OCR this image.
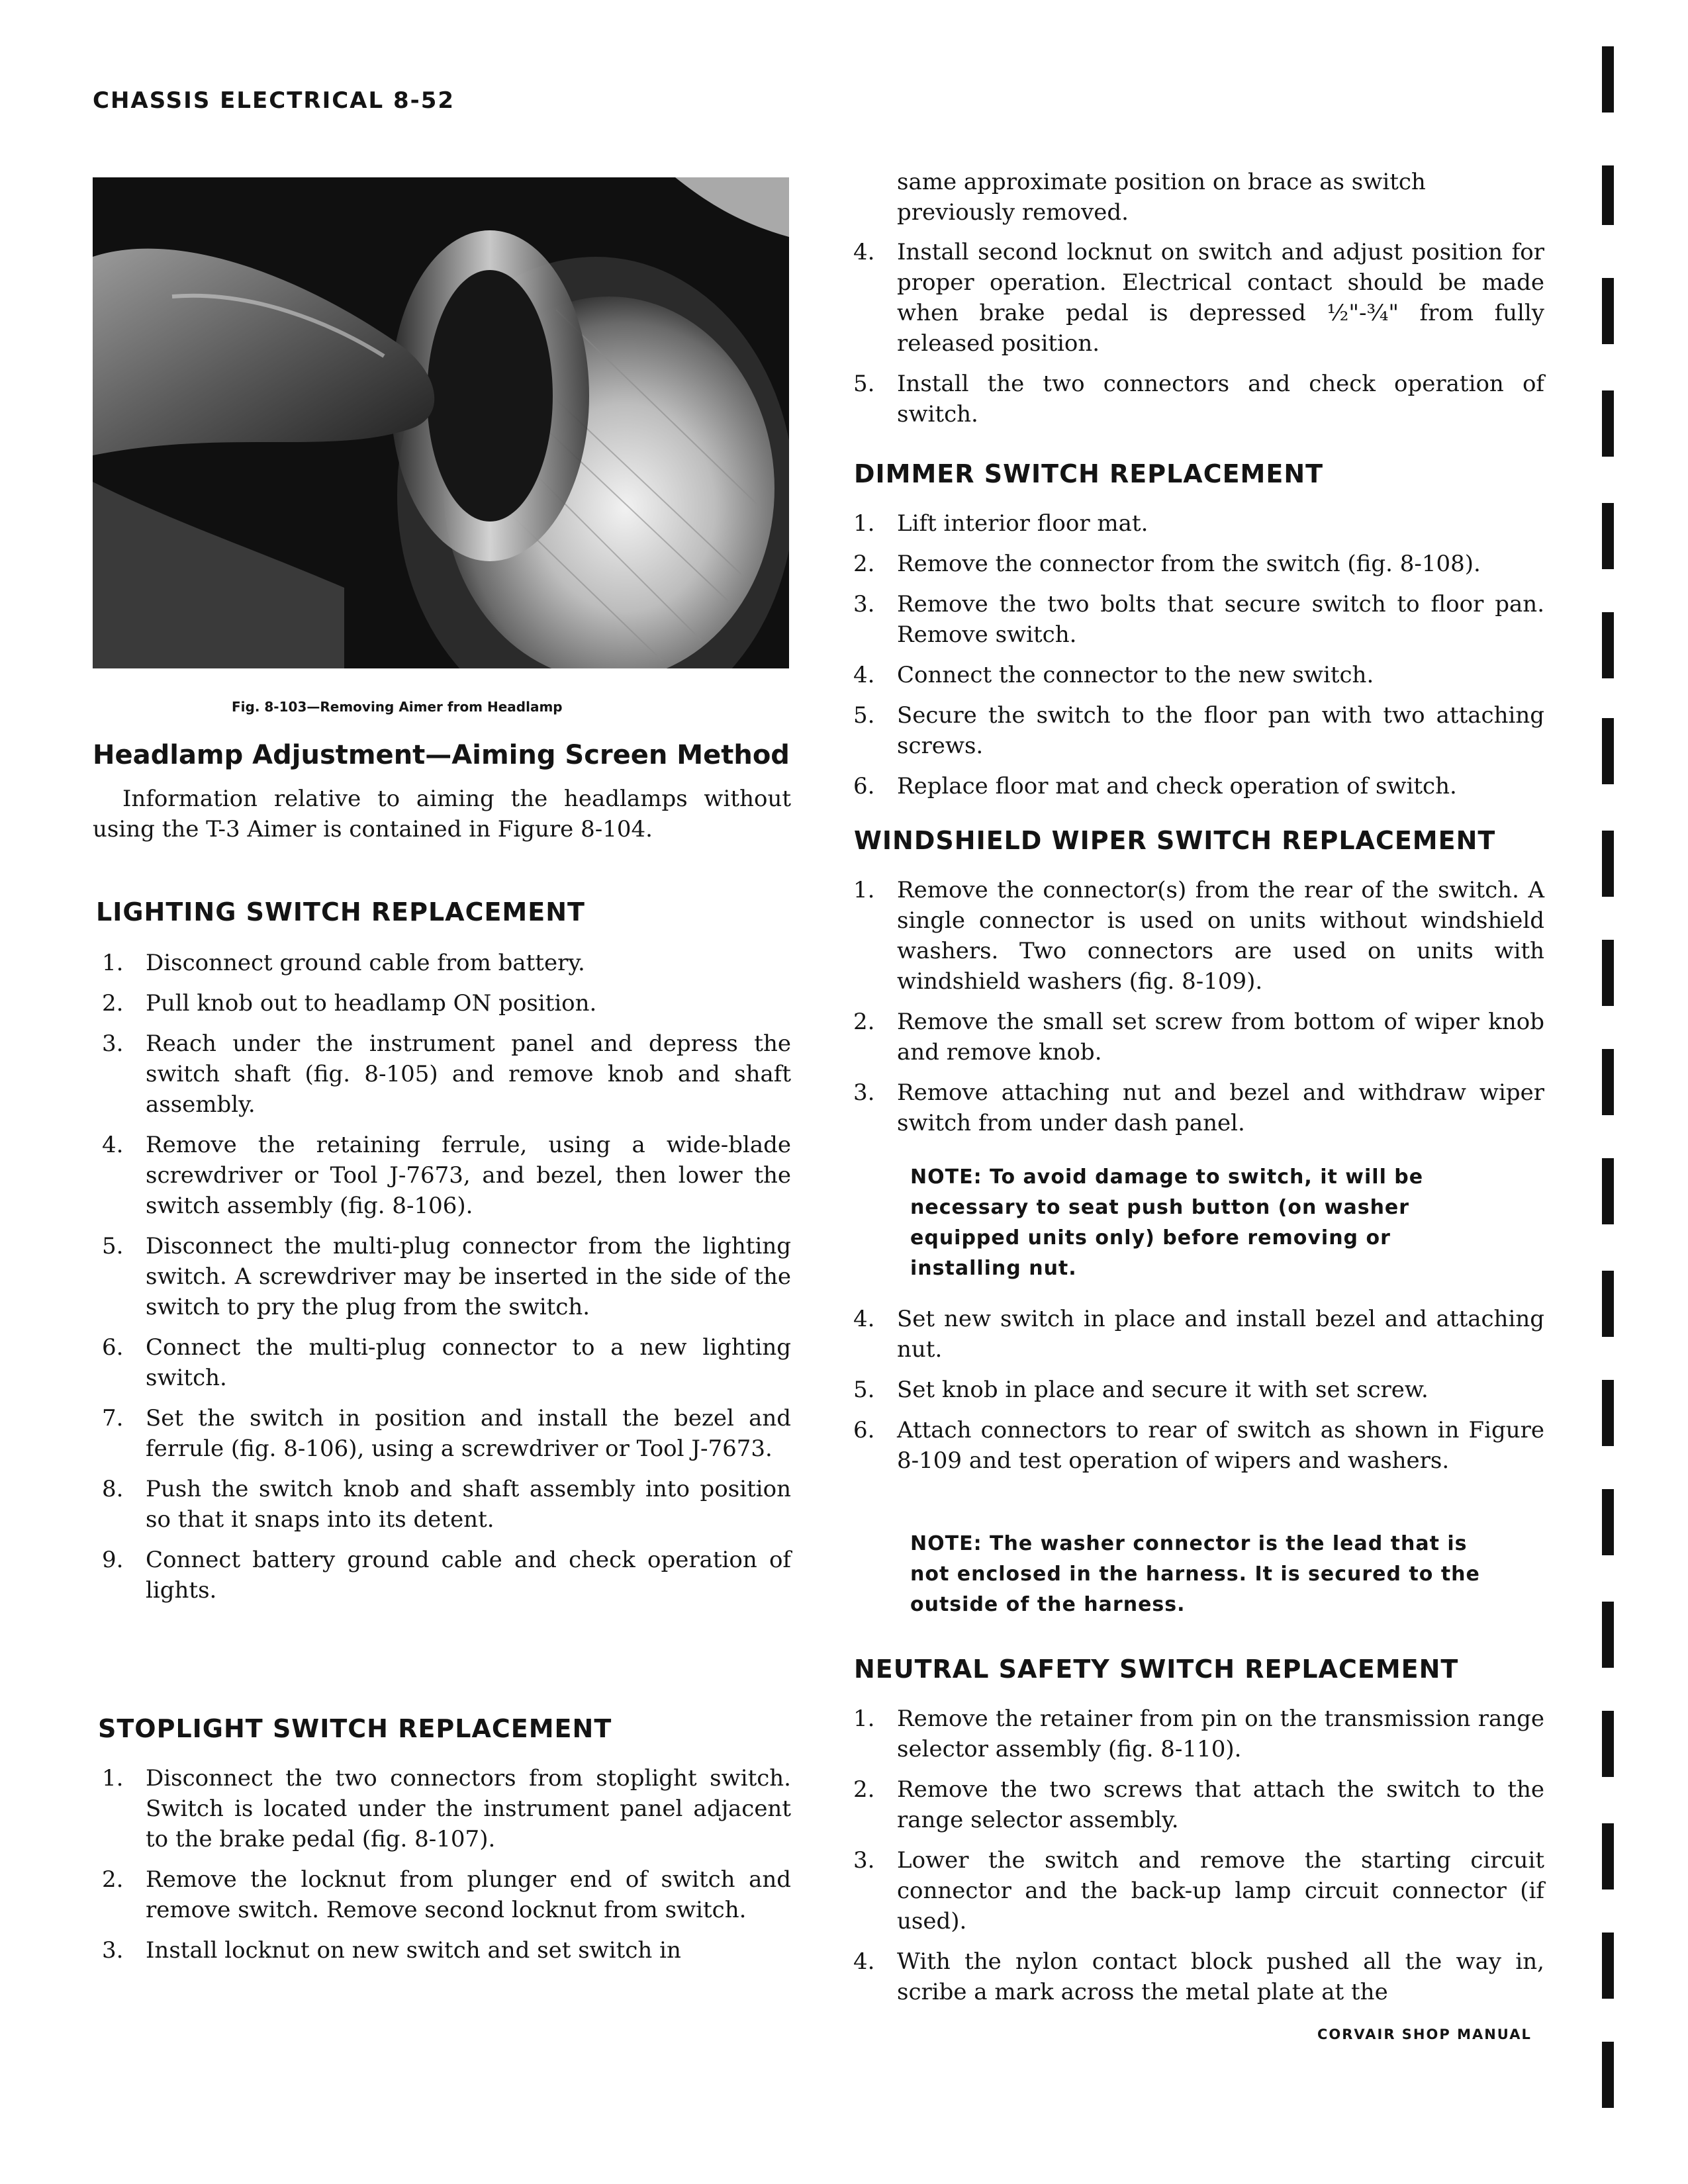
CHASSIS ELECTRICAL 8-52
Fig. 8-103—Removing Aimer from Headlamp
Headlamp Adjustment—Aiming Screen Method
Information relative to aiming the headlamps without using the T-3 Aimer is contained in Figure 8-104.
LIGHTING SWITCH REPLACEMENT
1. Disconnect ground cable from battery.
2. Pull knob out to headlamp ON position.
3. Reach under the instrument panel and depress the switch shaft (fig. 8-105) and remove knob and shaft assembly.
4. Remove the retaining ferrule, using a wide-blade screwdriver or Tool J-7673, and bezel, then lower the switch assembly (fig. 8-106).
5. Disconnect the multi-plug connector from the lighting switch. A screwdriver may be inserted in the side of the switch to pry the plug from the switch.
6. Connect the multi-plug connector to a new lighting switch.
7. Set the switch in position and install the bezel and ferrule (fig. 8-106), using a screwdriver or Tool J-7673.
8. Push the switch knob and shaft assembly into position so that it snaps into its detent.
9. Connect battery ground cable and check operation of lights.
STOPLIGHT SWITCH REPLACEMENT
1. Disconnect the two connectors from stoplight switch. Switch is located under the instrument panel adjacent to the brake pedal (fig. 8-107).
2. Remove the locknut from plunger end of switch and remove switch. Remove second locknut from switch.
3. Install locknut on new switch and set switch in
same approximate position on brace as switch previously removed.
4. Install second locknut on switch and adjust position for proper operation. Electrical contact should be made when brake pedal is depressed ½"-¾" from fully released position.
5. Install the two connectors and check operation of switch.
DIMMER SWITCH REPLACEMENT
1. Lift interior floor mat.
2. Remove the connector from the switch (fig. 8-108).
3. Remove the two bolts that secure switch to floor pan. Remove switch.
4. Connect the connector to the new switch.
5. Secure the switch to the floor pan with two attaching screws.
6. Replace floor mat and check operation of switch.
WINDSHIELD WIPER SWITCH REPLACEMENT
1. Remove the connector(s) from the rear of the switch. A single connector is used on units without windshield washers. Two connectors are used on units with windshield washers (fig. 8-109).
2. Remove the small set screw from bottom of wiper knob and remove knob.
3. Remove attaching nut and bezel and withdraw wiper switch from under dash panel.
NOTE: To avoid damage to switch, it will be necessary to seat push button (on washer equipped units only) before removing or installing nut.
4. Set new switch in place and install bezel and attaching nut.
5. Set knob in place and secure it with set screw.
6. Attach connectors to rear of switch as shown in Figure 8-109 and test operation of wipers and washers.
NOTE: The washer connector is the lead that is not enclosed in the harness. It is secured to the outside of the harness.
NEUTRAL SAFETY SWITCH REPLACEMENT
1. Remove the retainer from pin on the transmission range selector assembly (fig. 8-110).
2. Remove the two screws that attach the switch to the range selector assembly.
3. Lower the switch and remove the starting circuit connector and the back-up lamp circuit connector (if used).
4. With the nylon contact block pushed all the way in, scribe a mark across the metal plate at the
CORVAIR SHOP MANUAL
